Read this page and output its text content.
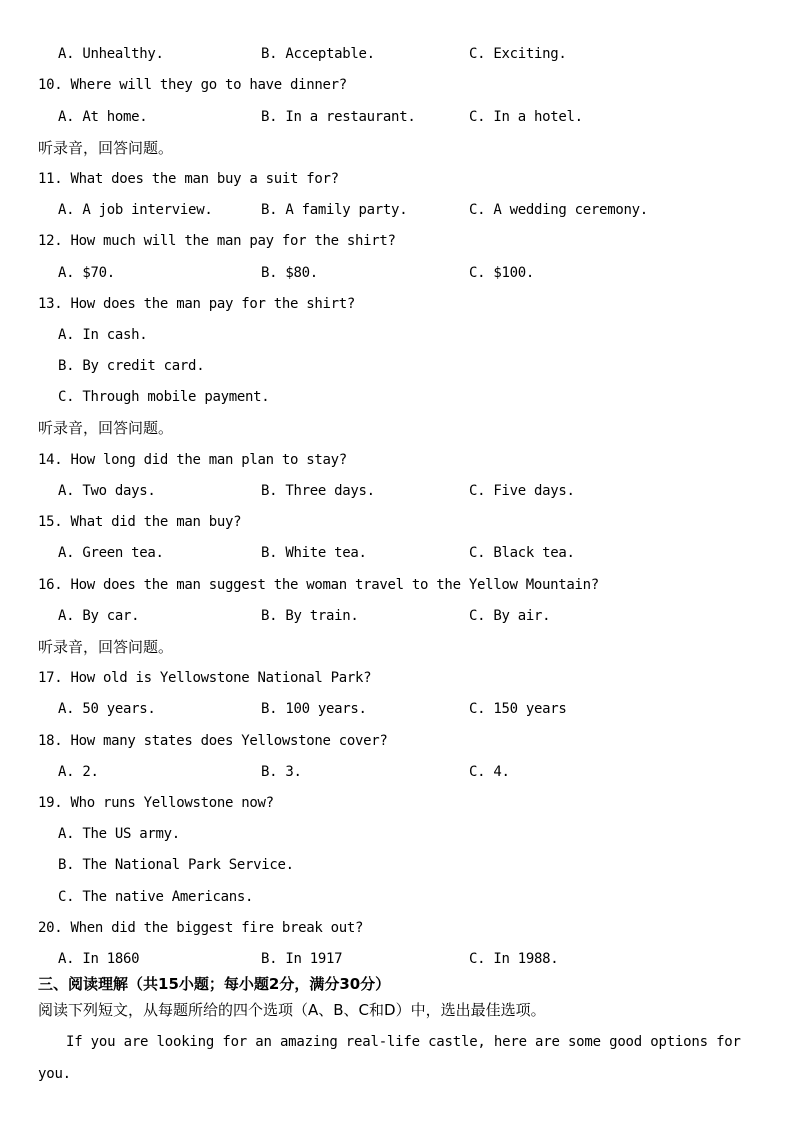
A. Unhealthy.	B. Acceptable.	C. Exciting.
10. Where will they go to have dinner?
A. At home.	B. In a restaurant.	C. In a hotel.
听录音，回答问题。
11. What does the man buy a suit for?
A. A job interview.	B. A family party.	C. A wedding ceremony.
12. How much will the man pay for the shirt?
A. $70.	B. $80.	C. $100.
13. How does the man pay for the shirt?
A. In cash.
B. By credit card.
C. Through mobile payment.
听录音，回答问题。
14. How long did the man plan to stay?
A. Two days.	B. Three days.	C. Five days.
15. What did the man buy?
A. Green tea.	B. White tea.	C. Black tea.
16. How does the man suggest the woman travel to the Yellow Mountain?
A. By car.	B. By train.	C. By air.
听录音，回答问题。
17. How old is Yellowstone National Park?
A. 50 years.	B. 100 years.	C. 150 years
18. How many states does Yellowstone cover?
A. 2.	B. 3.	C. 4.
19. Who runs Yellowstone now?
A. The US army.
B. The National Park Service.
C. The native Americans.
20. When did the biggest fire break out?
A. In 1860	B. In 1917	C. In 1988.
三、阅读理解（共15小题；每小题2分，满分30分）
阅读下列短文，从每题所给的四个选项（A、B、C和D）中，选出最佳选项。
If you are looking for an amazing real-life castle, here are some good options for
you.
